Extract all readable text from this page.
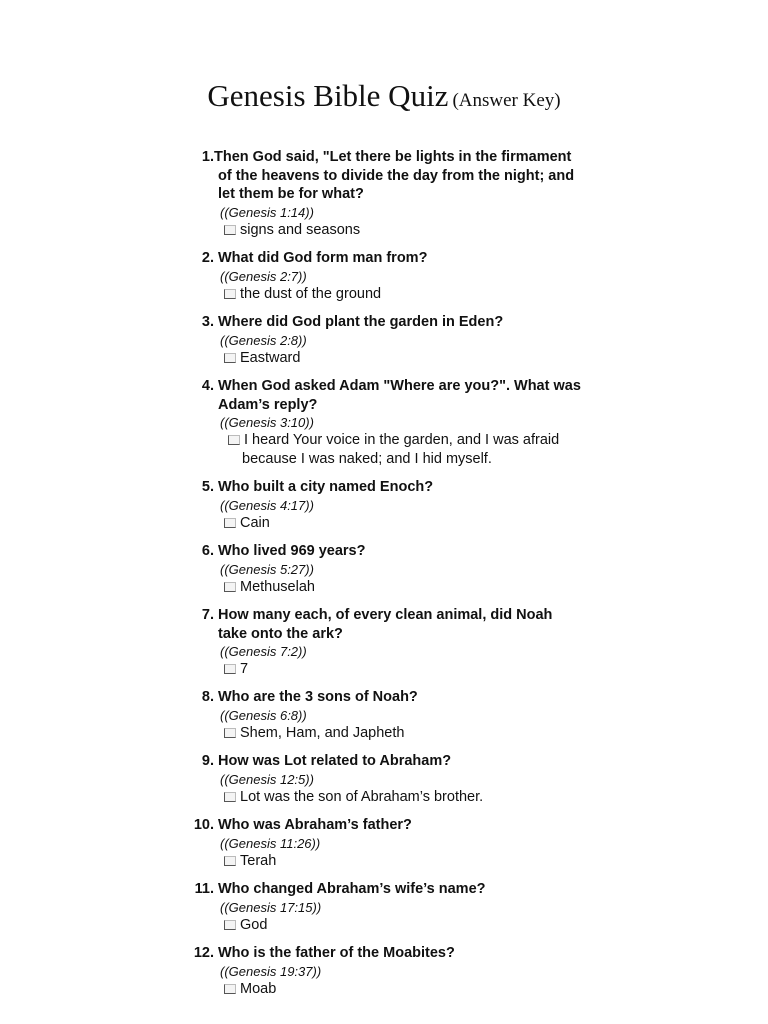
Genesis Bible Quiz (Answer Key)
1. Then God said, "Let there be lights in the firmament of the heavens to divide the day from the night; and let them be for what?
((Genesis 1:14))
signs and seasons
2. What did God form man from?
((Genesis 2:7))
the dust of the ground
3. Where did God plant the garden in Eden?
((Genesis 2:8))
Eastward
4. When God asked Adam "Where are you?". What was Adam’s reply?
((Genesis 3:10))
I heard Your voice in the garden, and I was afraid because I was naked; and I hid myself.
5. Who built a city named Enoch?
((Genesis 4:17))
Cain
6. Who lived 969 years?
((Genesis 5:27))
Methuselah
7. How many each, of every clean animal, did Noah take onto the ark?
((Genesis 7:2))
7
8. Who are the 3 sons of Noah?
((Genesis 6:8))
Shem, Ham, and Japheth
9. How was Lot related to Abraham?
((Genesis 12:5))
Lot was the son of Abraham’s brother.
10. Who was Abraham’s father?
((Genesis 11:26))
Terah
11. Who changed Abraham’s wife’s name?
((Genesis 17:15))
God
12. Who is the father of the Moabites?
((Genesis 19:37))
Moab
